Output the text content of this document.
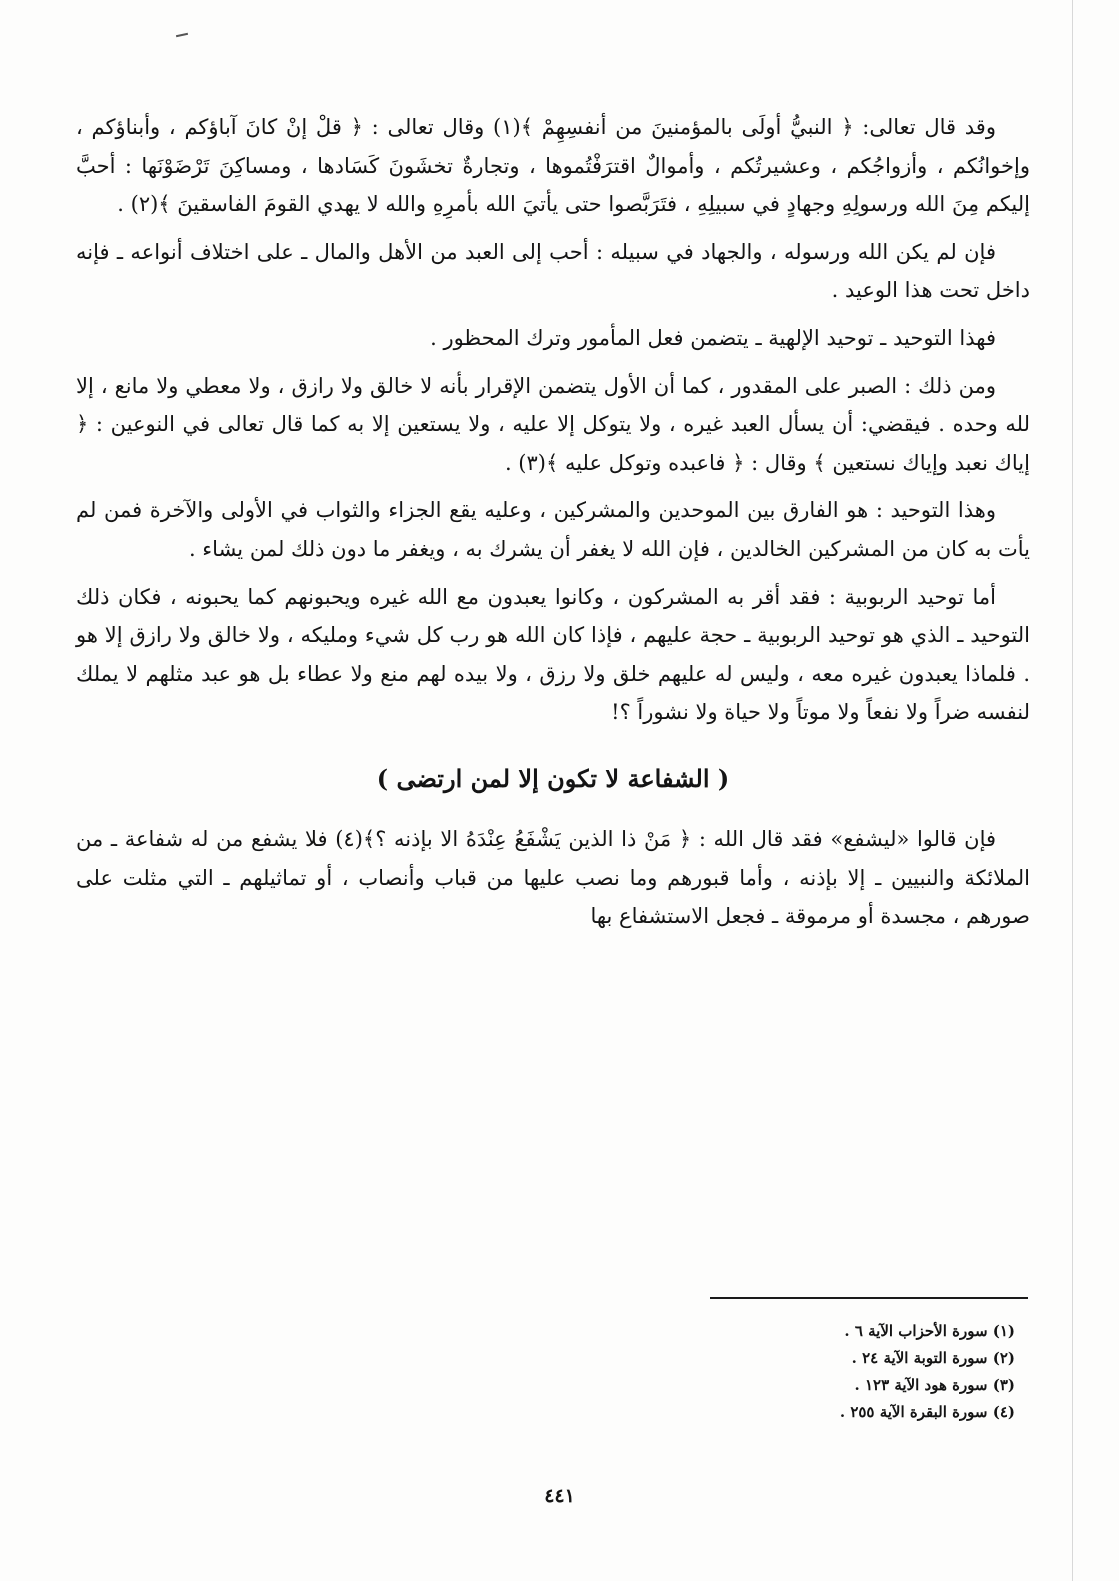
وقد قال تعالى: ﴿ النبيُّ أولَى بالمؤمنينَ من أنفسِهِمْ ﴾(١) وقال تعالى : ﴿ قلْ إنْ كانَ آباؤكم ، وأبناؤكم ، وإخوانُكم ، وأزواجُكم ، وعشيرتُكم ، وأموالٌ اقترَفْتُموها ، وتجارةٌ تخشَونَ كَسَادها ، ومساكِنَ تَرْضَوْنَها : أحبَّ إليكم مِنَ الله ورسولِهِ وجهادٍ في سبيلِهِ ، فتَرَبَّصوا حتى يأتيَ الله بأمرِهِ والله لا يهدي القومَ الفاسقينَ ﴾(٢) .

فإن لم يكن الله ورسوله ، والجهاد في سبيله : أحب إلى العبد من الأهل والمال ـ على اختلاف أنواعه ـ فإنه داخل تحت هذا الوعيد .

فهذا التوحيد ـ توحيد الإلهية ـ يتضمن فعل المأمور وترك المحظور .

ومن ذلك : الصبر على المقدور ، كما أن الأول يتضمن الإقرار بأنه لا خالق ولا رازق ، ولا معطي ولا مانع ، إلا لله وحده . فيقضي: أن يسأل العبد غيره ، ولا يتوكل إلا عليه ، ولا يستعين إلا به كما قال تعالى في النوعين : ﴿ إياك نعبد وإياك نستعين ﴾ وقال : ﴿ فاعبده وتوكل عليه ﴾(٣) .

وهذا التوحيد : هو الفارق بين الموحدين والمشركين ، وعليه يقع الجزاء والثواب في الأولى والآخرة فمن لم يأت به كان من المشركين الخالدين ، فإن الله لا يغفر أن يشرك به ، ويغفر ما دون ذلك لمن يشاء .

أما توحيد الربوبية : فقد أقر به المشركون ، وكانوا يعبدون مع الله غيره ويحبونهم كما يحبونه ، فكان ذلك التوحيد ـ الذي هو توحيد الربوبية ـ حجة عليهم ، فإذا كان الله هو رب كل شيء ومليكه ، ولا خالق ولا رازق إلا هو . فلماذا يعبدون غيره معه ، وليس له عليهم خلق ولا رزق ، ولا بيده لهم منع ولا عطاء بل هو عبد مثلهم لا يملك لنفسه ضراً ولا نفعاً ولا موتاً ولا حياة ولا نشوراً ؟!

( الشفاعة لا تكون إلا لمن ارتضى )

فإن قالوا «ليشفع» فقد قال الله : ﴿ مَنْ ذا الذين يَشْفَعُ عِنْدَهُ الا بإذنه ؟﴾(٤) فلا يشفع من له شفاعة ـ من الملائكة والنبيين ـ إلا بإذنه ، وأما قبورهم وما نصب عليها من قباب وأنصاب ، أو تماثيلهم ـ التي مثلت على صورهم ، مجسدة أو مرموقة ـ فجعل الاستشفاع بها

(١) سورة الأحزاب الآية ٦ .

(٢) سورة التوبة الآية ٢٤ .

(٣) سورة هود الآية ١٢٣ .

(٤) سورة البقرة الآية ٢٥٥ .

٤٤١
